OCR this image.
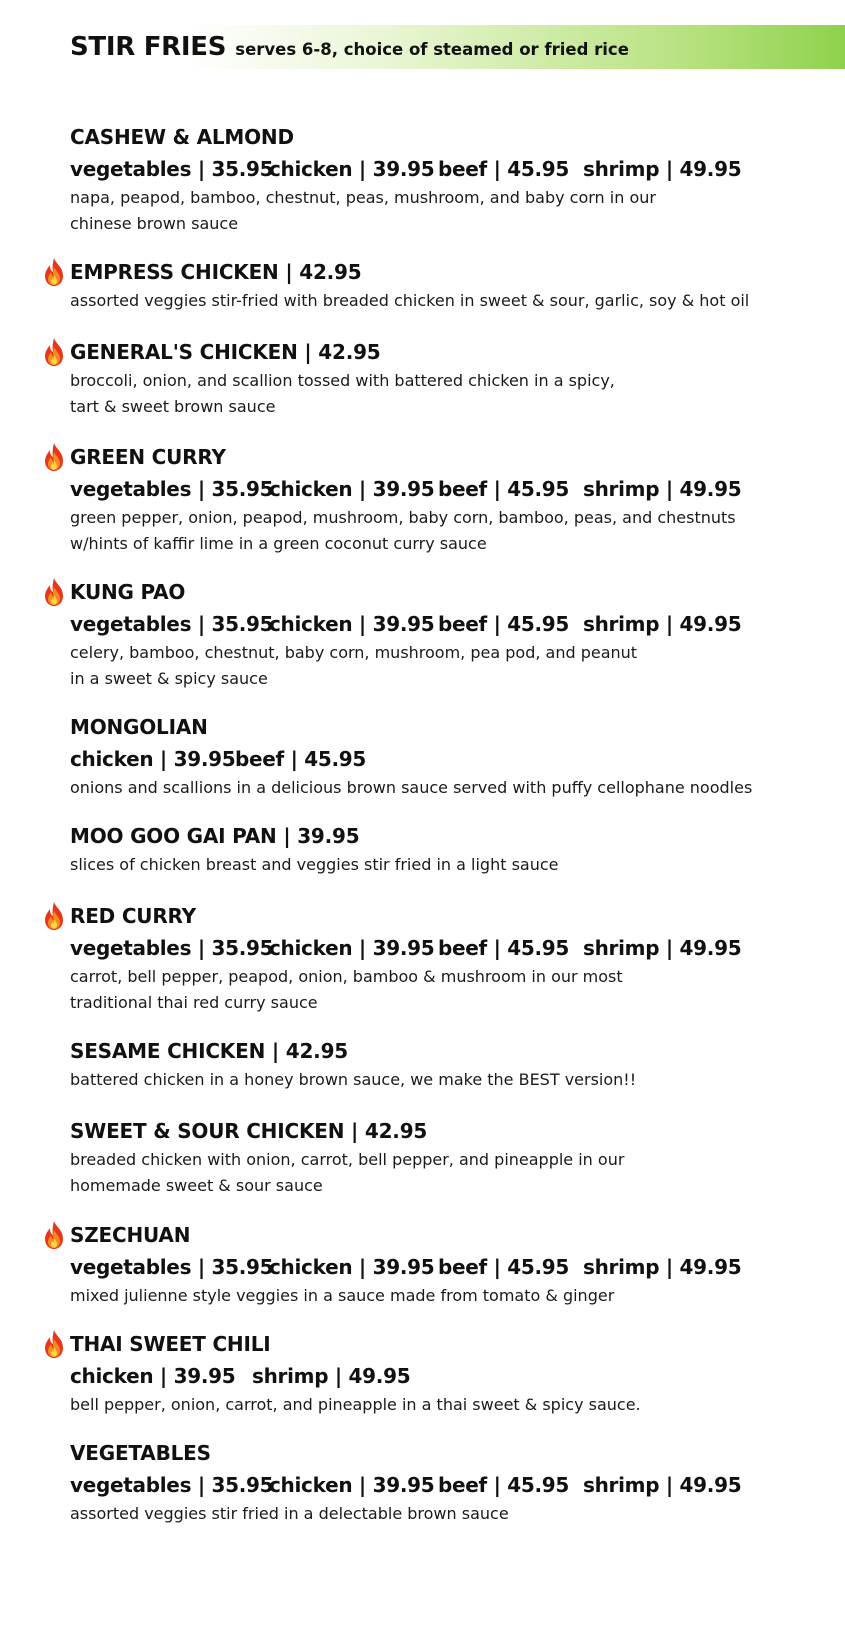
STIR FRIES serves 6-8, choice of steamed or fried rice
CASHEW & ALMOND
vegetables | 35.95
chicken | 39.95 beef | 45.95 shrimp | 49.95

napa, peapod, bamboo, chestnut, peas, mushroom, and baby corn in our
chinese brown sauce
EMPRESS CHICKEN | 42.95
assorted veggies stir-fried with breaded chicken in sweet & sour, garlic, soy & hot oil
GENERAL'S CHICKEN | 42.95
broccoli, onion, and scallion tossed with battered chicken in a spicy,
tart & sweet brown sauce
GREEN CURRY
vegetables | 35.95
chicken | 39.95 beef | 45.95 shrimp | 49.95

green pepper, onion, peapod, mushroom, baby corn, bamboo, peas, and chestnuts
w/hints of kaffir lime in a green coconut curry sauce
KUNG PAO
vegetables | 35.95
chicken | 39.95 beef | 45.95 shrimp | 49.95

celery, bamboo, chestnut, baby corn, mushroom, pea pod, and peanut
in a sweet & spicy sauce
MONGOLIAN
chicken | 39.95 beef | 45.95

onions and scallions in a delicious brown sauce served with puffy cellophane noodles
MOO GOO GAI PAN | 39.95
slices of chicken breast and veggies stir fried in a light sauce
RED CURRY
vegetables | 35.95
chicken | 39.95 beef | 45.95 shrimp | 49.95

carrot, bell pepper, peapod, onion, bamboo & mushroom in our most
traditional thai red curry sauce
SESAME CHICKEN | 42.95
battered chicken in a honey brown sauce, we make the BEST version!!
SWEET & SOUR CHICKEN | 42.95
breaded chicken with onion, carrot, bell pepper, and pineapple in our
homemade sweet & sour sauce
SZECHUAN
vegetables | 35.95
chicken | 39.95 beef | 45.95 shrimp | 49.95

mixed julienne style veggies in a sauce made from tomato & ginger
THAI SWEET CHILI
chicken | 39.95 shrimp | 49.95

bell pepper, onion, carrot, and pineapple in a thai sweet & spicy sauce.
VEGETABLES
vegetables | 35.95
chicken | 39.95 beef | 45.95 shrimp | 49.95

assorted veggies stir fried in a delectable brown sauce
